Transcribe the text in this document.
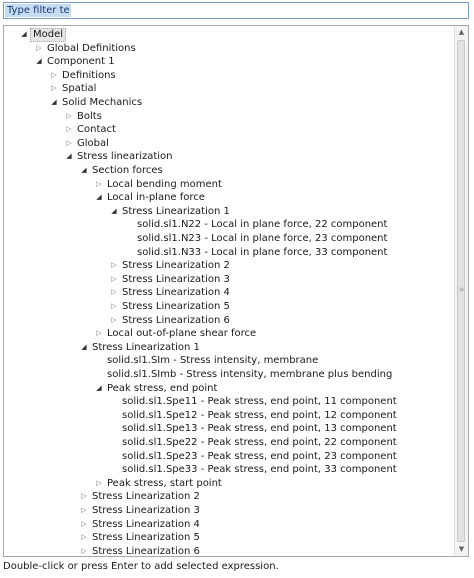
Type filter text
◢ Model
▷ Global Definitions
◢ Component 1
▷ Definitions
▷ Spatial
◢ Solid Mechanics
▷ Bolts
▷ Contact
▷ Global
◢ Stress linearization
◢ Section forces
▷ Local bending moment
◢ Local in-plane force
◢ Stress Linearization 1
solid.sl1.N22 - Local in plane force, 22 component
solid.sl1.N23 - Local in plane force, 23 component
solid.sl1.N33 - Local in plane force, 33 component
▷ Stress Linearization 2
▷ Stress Linearization 3
▷ Stress Linearization 4
▷ Stress Linearization 5
▷ Stress Linearization 6
▷ Local out-of-plane shear force
◢ Stress Linearization 1
solid.sl1.SIm - Stress intensity, membrane
solid.sl1.SImb - Stress intensity, membrane plus bending
◢ Peak stress, end point
solid.sl1.Spe11 - Peak stress, end point, 11 component
solid.sl1.Spe12 - Peak stress, end point, 12 component
solid.sl1.Spe13 - Peak stress, end point, 13 component
solid.sl1.Spe22 - Peak stress, end point, 22 component
solid.sl1.Spe23 - Peak stress, end point, 23 component
solid.sl1.Spe33 - Peak stress, end point, 33 component
▷ Peak stress, start point
▷ Stress Linearization 2
▷ Stress Linearization 3
▷ Stress Linearization 4
▷ Stress Linearization 5
▷ Stress Linearization 6
▲
≡
▼
Double-click or press Enter to add selected expression.
